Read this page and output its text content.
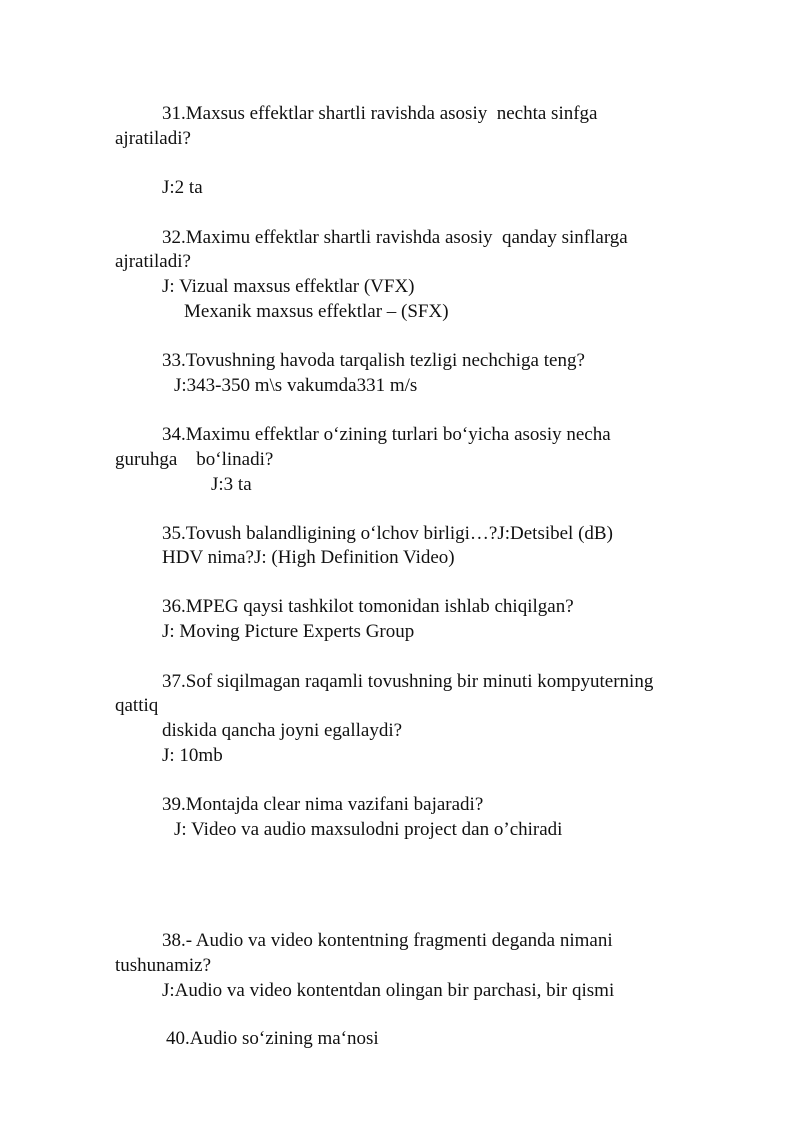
31.Maxsus effektlar shartli ravishda asosiy  nechta sinfga
ajratiladi?
J:2 ta
32.Maximu effektlar shartli ravishda asosiy  qanday sinflarga
ajratiladi?
J: Vizual maxsus effektlar (VFX)
Mexanik maxsus effektlar – (SFX)
33.Tovushning havoda tarqalish tezligi nechchiga teng?
J:343-350 m\s vakumda331 m/s
34.Maximu effektlar o‘zining turlari bo‘yicha asosiy necha
guruhga    bo‘linadi?
J:3 ta
35.Tovush balandligining o‘lchov birligi…?J:Detsibel (dB)
HDV nima?J: (High Definition Video)
36.MPEG qaysi tashkilot tomonidan ishlab chiqilgan?
J: Moving Picture Experts Group
37.Sof siqilmagan raqamli tovushning bir minuti kompyuterning
qattiq
diskida qancha joyni egallaydi?
J: 10mb
39.Montajda clear nima vazifani bajaradi?
J: Video va audio maxsulodni project dan o’chiradi
38.- Audio va video kontentning fragmenti deganda nimani
tushunamiz?
J:Audio va video kontentdan olingan bir parchasi, bir qismi
40.Audio so‘zining ma‘nosi
